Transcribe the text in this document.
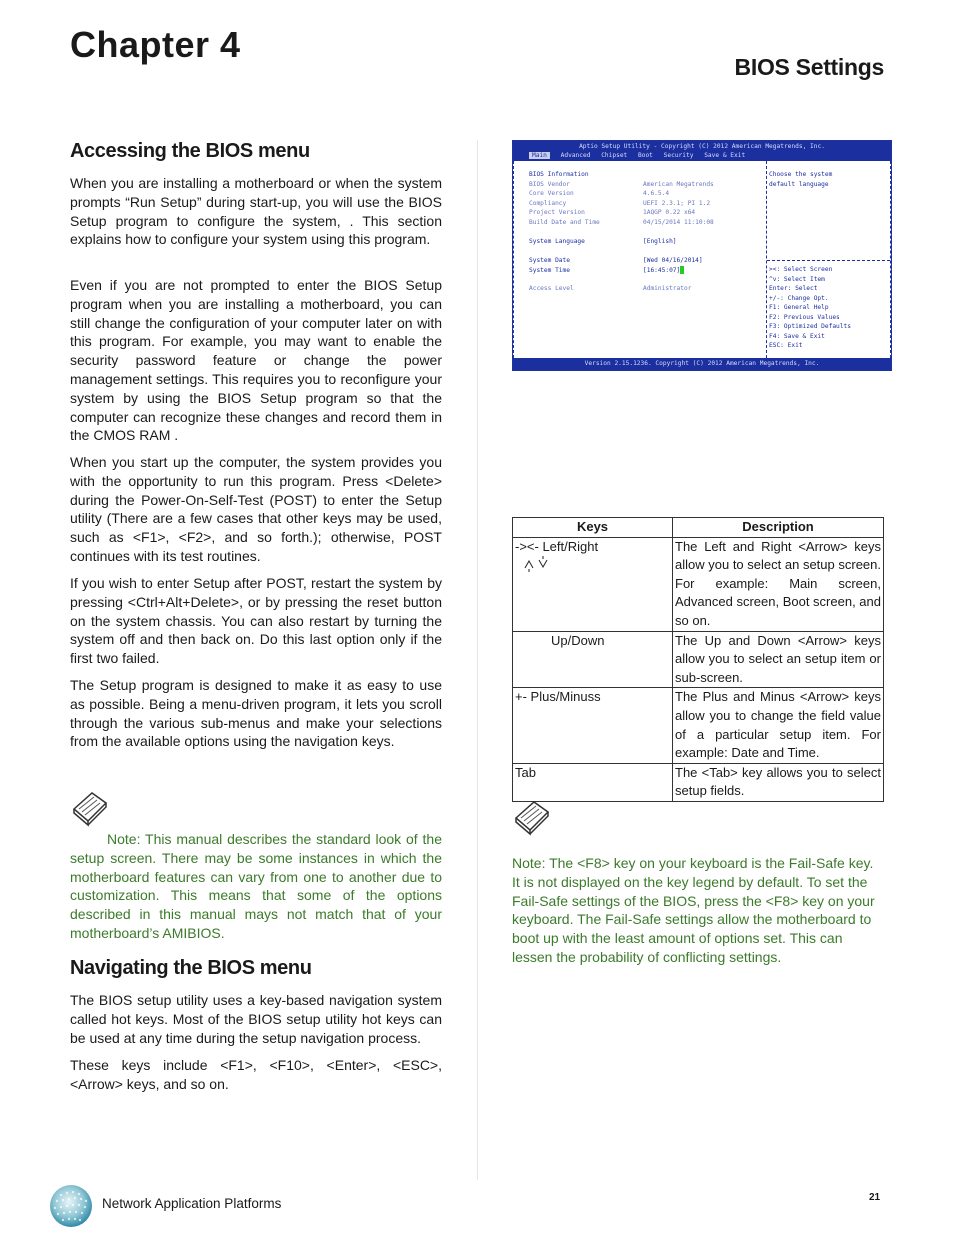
Chapter 4
BIOS Settings
Accessing the BIOS menu

When you are installing a motherboard or when the system prompts “Run Setup” during start-up, you will use the BIOS Setup program to configure the system, . This section explains how to configure your system using this program.

Even if you are not prompted to enter the BIOS Setup program when you are installing a motherboard, you can still change the configuration of your computer later on with this program. For example, you may want to enable the security password feature or change the power management settings. This requires you to reconfigure your system by using the BIOS Setup program so that the computer can recognize these changes and record them in the CMOS RAM .

When you start up the computer, the system provides you with the opportunity to run this program. Press <Delete> during the Power-On-Self-Test (POST) to enter the Setup utility (There are a few cases that other keys may be used, such as <F1>, <F2>, and so forth.); otherwise, POST continues with its test routines.

If you wish to enter Setup after POST, restart the system by pressing <Ctrl+Alt+Delete>, or by pressing the reset button on the system chassis. You can also restart by turning the system off and then back on. Do this last option only if the first two failed.

The Setup program is designed to make it as easy to use as possible. Being a menu-driven program, it lets you scroll through the various sub-menus and make your selections from the available options using the navigation keys.

Note: This manual describes the standard look of the setup screen. There may be some instances in which the motherboard features can vary from one to another due to customization. This means that some of the options described in this manual mays not match that of your motherboard’s AMIBIOS.

Navigating the BIOS menu

The BIOS setup utility uses a key-based navigation system called hot keys. Most of the BIOS setup utility hot keys can be used at any time during the setup navigation process.

These keys include <F1>, <F10>, <Enter>, <ESC>, <Arrow> keys, and so on.

Aptio Setup Utility - Copyright (C) 2012 American Megatrends, Inc.
Main Advanced Chipset Boot Security Save & Exit
BIOS Information
BIOS Vendor	American Megatrends
Core Version	4.6.5.4
Compliancy	UEFI 2.3.1; PI 1.2
Project Version	1AQGP 0.22 x64
Build Date and Time	04/15/2014 11:10:08
System Language	[English]
System Date	[Wed 04/16/2014]
System Time	[16:45:07]
Access Level	Administrator
Choose the system
default language
><: Select Screen
^v: Select Item
Enter: Select
+/-: Change Opt.
F1: General Help
F2: Previous Values
F3: Optimized Defaults
F4: Save & Exit
ESC: Exit
Version 2.15.1236. Copyright (C) 2012 American Megatrends, Inc.
Keys	Description

-><- Left/Right	The Left and Right <Arrow> keys allow you to select an setup screen. For example: Main screen, Advanced screen, Boot screen, and so on.
Up/Down	The Up and Down <Arrow> keys allow you to select an setup item or sub-screen.
+- Plus/Minuss	The Plus and Minus <Arrow> keys allow you to change the field value of a particular setup item. For example: Date and Time.
Tab	The <Tab> key allows you to select setup fields.

Note: The <F8> key on your keyboard is the Fail-Safe key. It is not displayed on the key legend by default. To set the Fail-Safe settings of the BIOS, press the <F8> key on your keyboard. The Fail-Safe settings allow the motherboard to boot up with the least amount of options set. This can lessen the probability of conflicting settings.

Network Application Platforms	21
